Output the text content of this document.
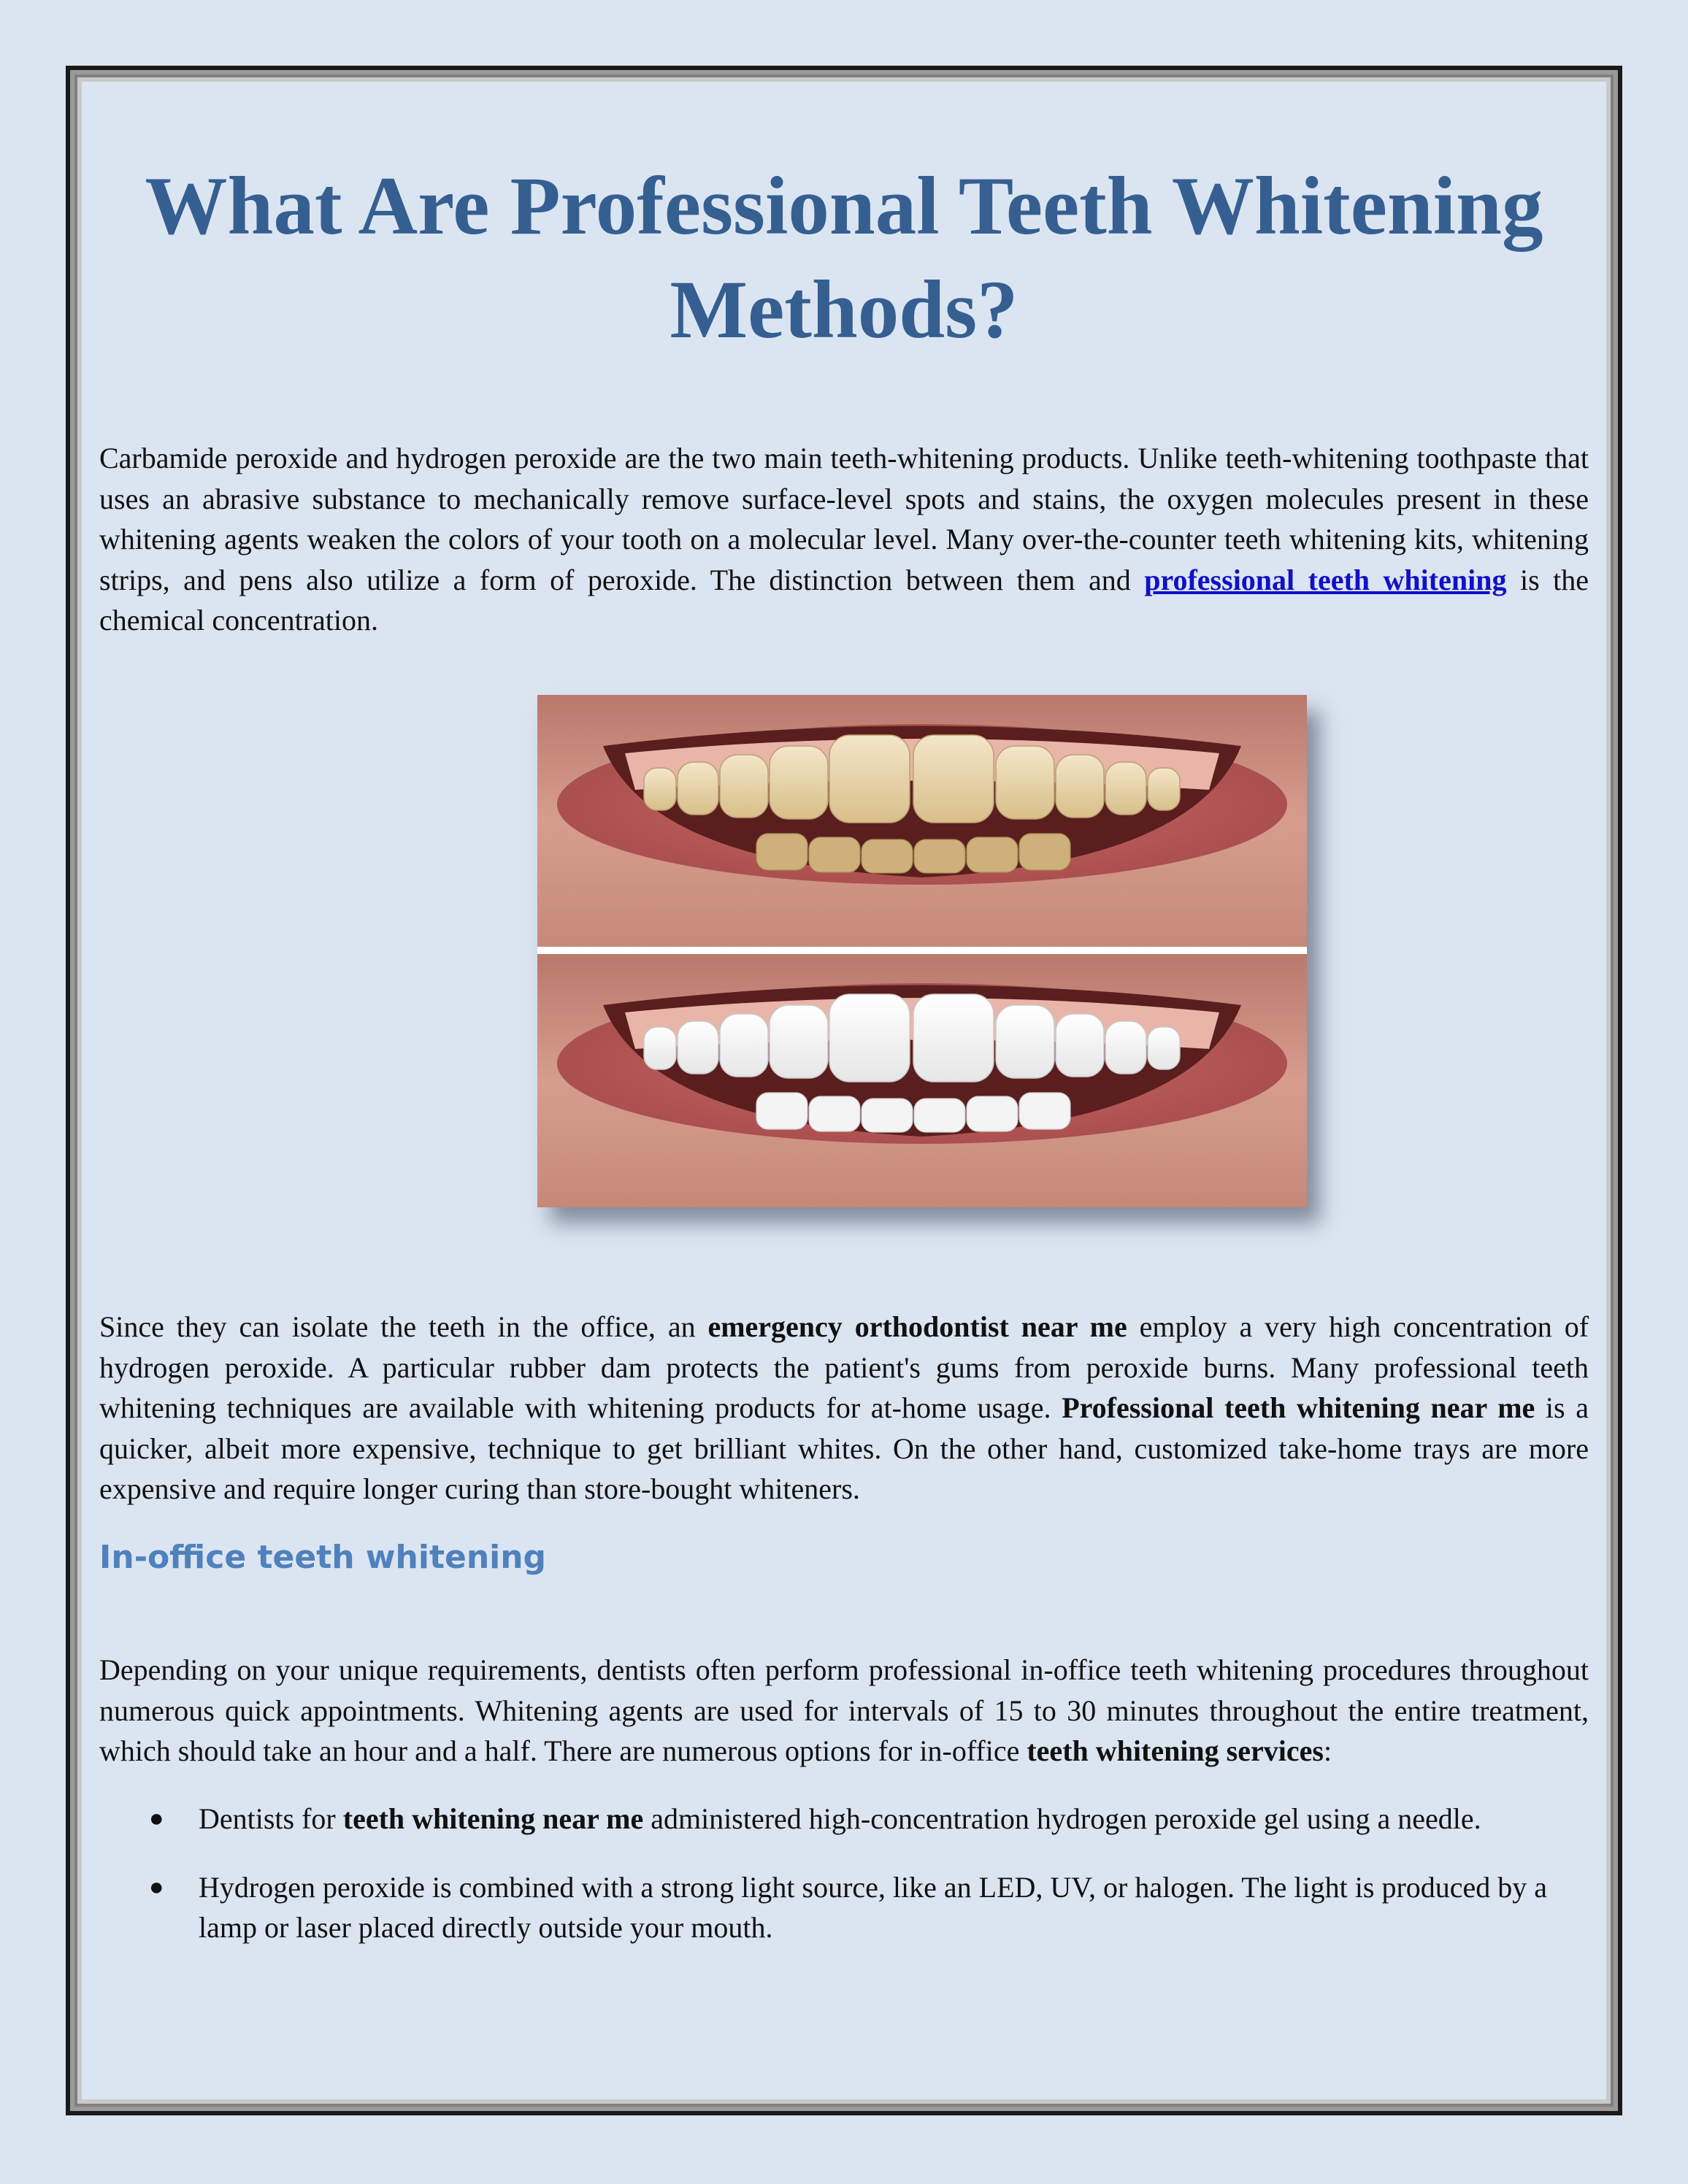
What Are Professional Teeth Whitening Methods?

Carbamide peroxide and hydrogen peroxide are the two main teeth-whitening products. Unlike teeth-whitening toothpaste that uses an abrasive substance to mechanically remove surface-level spots and stains, the oxygen molecules present in these whitening agents weaken the colors of your tooth on a molecular level. Many over-the-counter teeth whitening kits, whitening strips, and pens also utilize a form of peroxide. The distinction between them and professional teeth whitening is the chemical concentration.

Since they can isolate the teeth in the office, an emergency orthodontist near me employ a very high concentration of hydrogen peroxide. A particular rubber dam protects the patient's gums from peroxide burns. Many professional teeth whitening techniques are available with whitening products for at-home usage. Professional teeth whitening near me is a quicker, albeit more expensive, technique to get brilliant whites. On the other hand, customized take-home trays are more expensive and require longer curing than store-bought whiteners.

In-office teeth whitening

Depending on your unique requirements, dentists often perform professional in-office teeth whitening procedures throughout numerous quick appointments. Whitening agents are used for intervals of 15 to 30 minutes throughout the entire treatment, which should take an hour and a half. There are numerous options for in-office teeth whitening services:

● Dentists for teeth whitening near me administered high-concentration hydrogen peroxide gel using a needle.
● Hydrogen peroxide is combined with a strong light source, like an LED, UV, or halogen. The light is produced by a lamp or laser placed directly outside your mouth.
